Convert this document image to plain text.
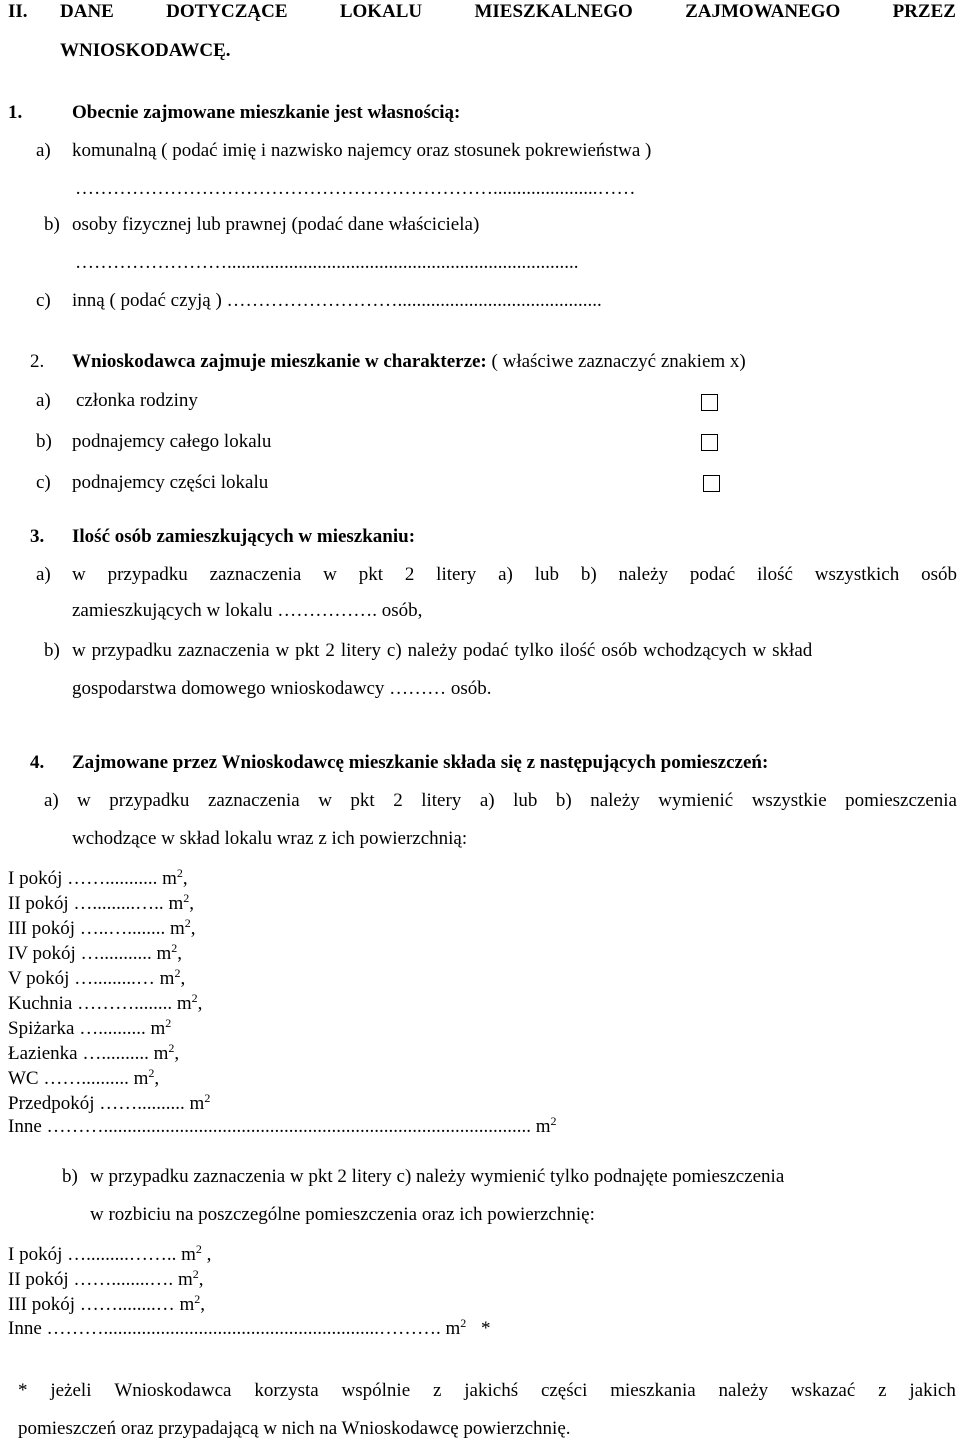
II. DANE	DOTYCZĄCE	LOKALU	MIESZKALNEGO	ZAJMOWANEGO	PRZEZ
WNIOSKODAWCĘ.
1.	Obecnie zajmowane mieszkanie jest własnością:
a) komunalną ( podać imię i nazwisko najemcy oraz stosunek pokrewieństwa )
…………………………………………………………......................……
b) osoby fizycznej lub prawnej (podać dane właściciela)
……………………..........................................................................
c) inną ( podać czyją ) ………………………...........................................
2. Wnioskodawca zajmuje mieszkanie w charakterze: ( właściwe zaznaczyć znakiem x)
a) członka rodziny
b) podnajemcy całego lokalu
c) podnajemcy części lokalu
3. Ilość osób zamieszkujących w mieszkaniu:
a) w przypadku zaznaczenia w pkt 2 litery a) lub b) należy podać ilość wszystkich osób
zamieszkujących w lokalu ……………. osób,
b) w przypadku zaznaczenia w pkt 2 litery c) należy podać tylko ilość osób wchodzących w skład
gospodarstwa domowego wnioskodawcy ……… osób.
4. Zajmowane przez Wnioskodawcę mieszkanie składa się z następujących pomieszczeń:
a) w przypadku zaznaczenia w pkt 2 litery a) lub b) należy wymienić wszystkie pomieszczenia
wchodzące w skład lokalu wraz z ich powierzchnią:
I pokój ……........... $m^2$,
II pokój ….........….. $m^2$,
III pokój …..…........ $m^2$,
IV pokój …........... $m^2$,
V pokój ….........… $m^2$,
Kuchnia ………........ $m^2$,
Spiżarka ….......... $m^2$
Łazienka ….......... $m^2$,
WC …….......... $m^2$,
Przedpokój …….......... $m^2$
Inne ……….......................................................................................... $m^2$
b) w przypadku zaznaczenia w pkt 2 litery c) należy wymienić tylko podnajęte pomieszczenia
w rozbiciu na poszczególne pomieszczenia oraz ich powierzchnię:
I pokój ….........…….. $m^2$ ,
II pokój ……........…. $m^2$,
III pokój ……........… $m^2$,
Inne ………..........................................................………. $m^2$ *
* jeżeli Wnioskodawca korzysta wspólnie z jakichś części mieszkania należy wskazać z jakich
pomieszczeń oraz przypadającą w nich na Wnioskodawcę powierzchnię.
